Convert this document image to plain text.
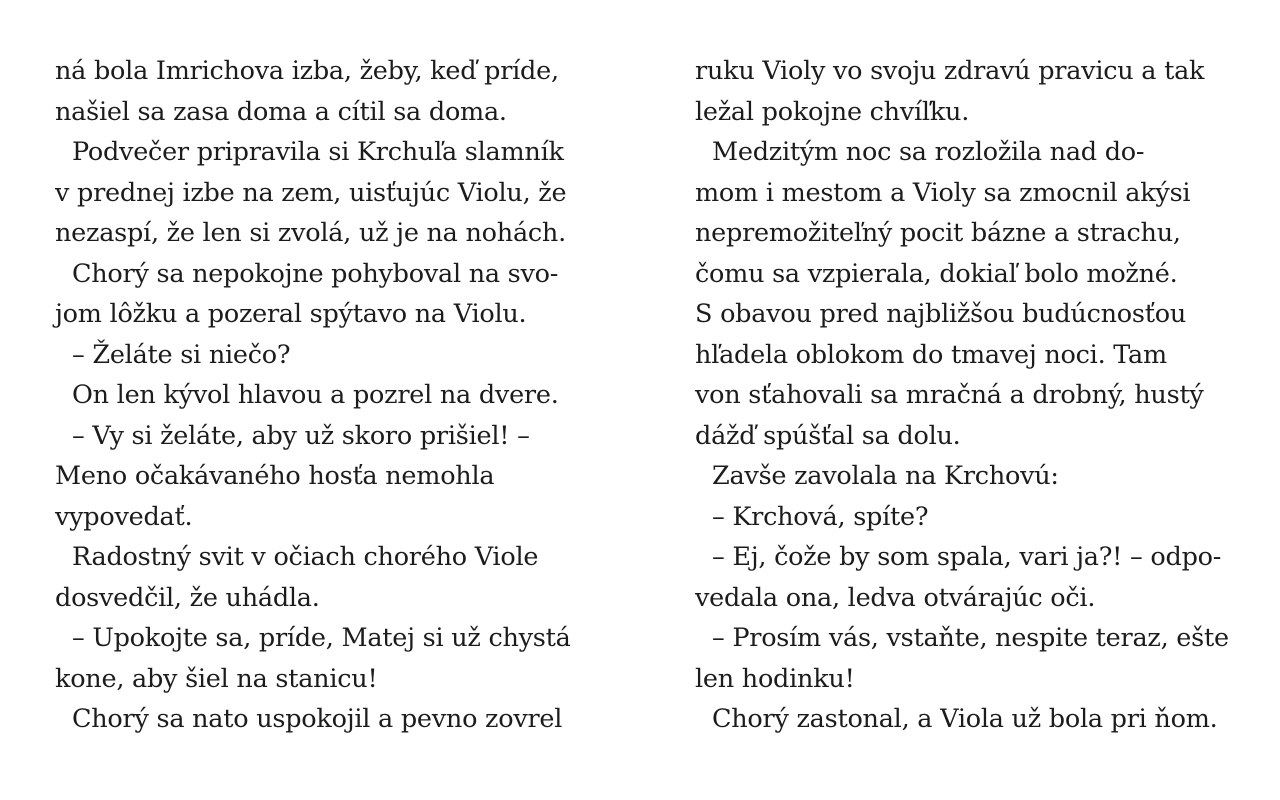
ná bola Imrichova izba, žeby, keď príde,
našiel sa zasa doma a cítil sa doma.
Podvečer pripravila si Krchuľa slamník
v prednej izbe na zem, uisťujúc Violu, že
nezaspí, že len si zvolá, už je na nohách.
Chorý sa nepokojne pohyboval na svo-
jom lôžku a pozeral spýtavo na Violu.
– Želáte si niečo?
On len kývol hlavou a pozrel na dvere.
– Vy si želáte, aby už skoro prišiel! –
Meno očakávaného hosťa nemohla
vypovedať.
Radostný svit v očiach chorého Viole
dosvedčil, že uhádla.
– Upokojte sa, príde, Matej si už chystá
kone, aby šiel na stanicu!
Chorý sa nato uspokojil a pevno zovrel
ruku Violy vo svoju zdravú pravicu a tak
ležal pokojne chvíľku.
Medzitým noc sa rozložila nad do-
mom i mestom a Violy sa zmocnil akýsi
nepremožiteľný pocit bázne a strachu,
čomu sa vzpierala, dokiaľ bolo možné.
S obavou pred najbližšou budúcnosťou
hľadela oblokom do tmavej noci. Tam
von sťahovali sa mračná a drobný, hustý
dážď spúšťal sa dolu.
Zavše zavolala na Krchovú:
– Krchová, spíte?
– Ej, čože by som spala, vari ja?! – odpo-
vedala ona, ledva otvárajúc oči.
– Prosím vás, vstaňte, nespite teraz, ešte
len hodinku!
Chorý zastonal, a Viola už bola pri ňom.
